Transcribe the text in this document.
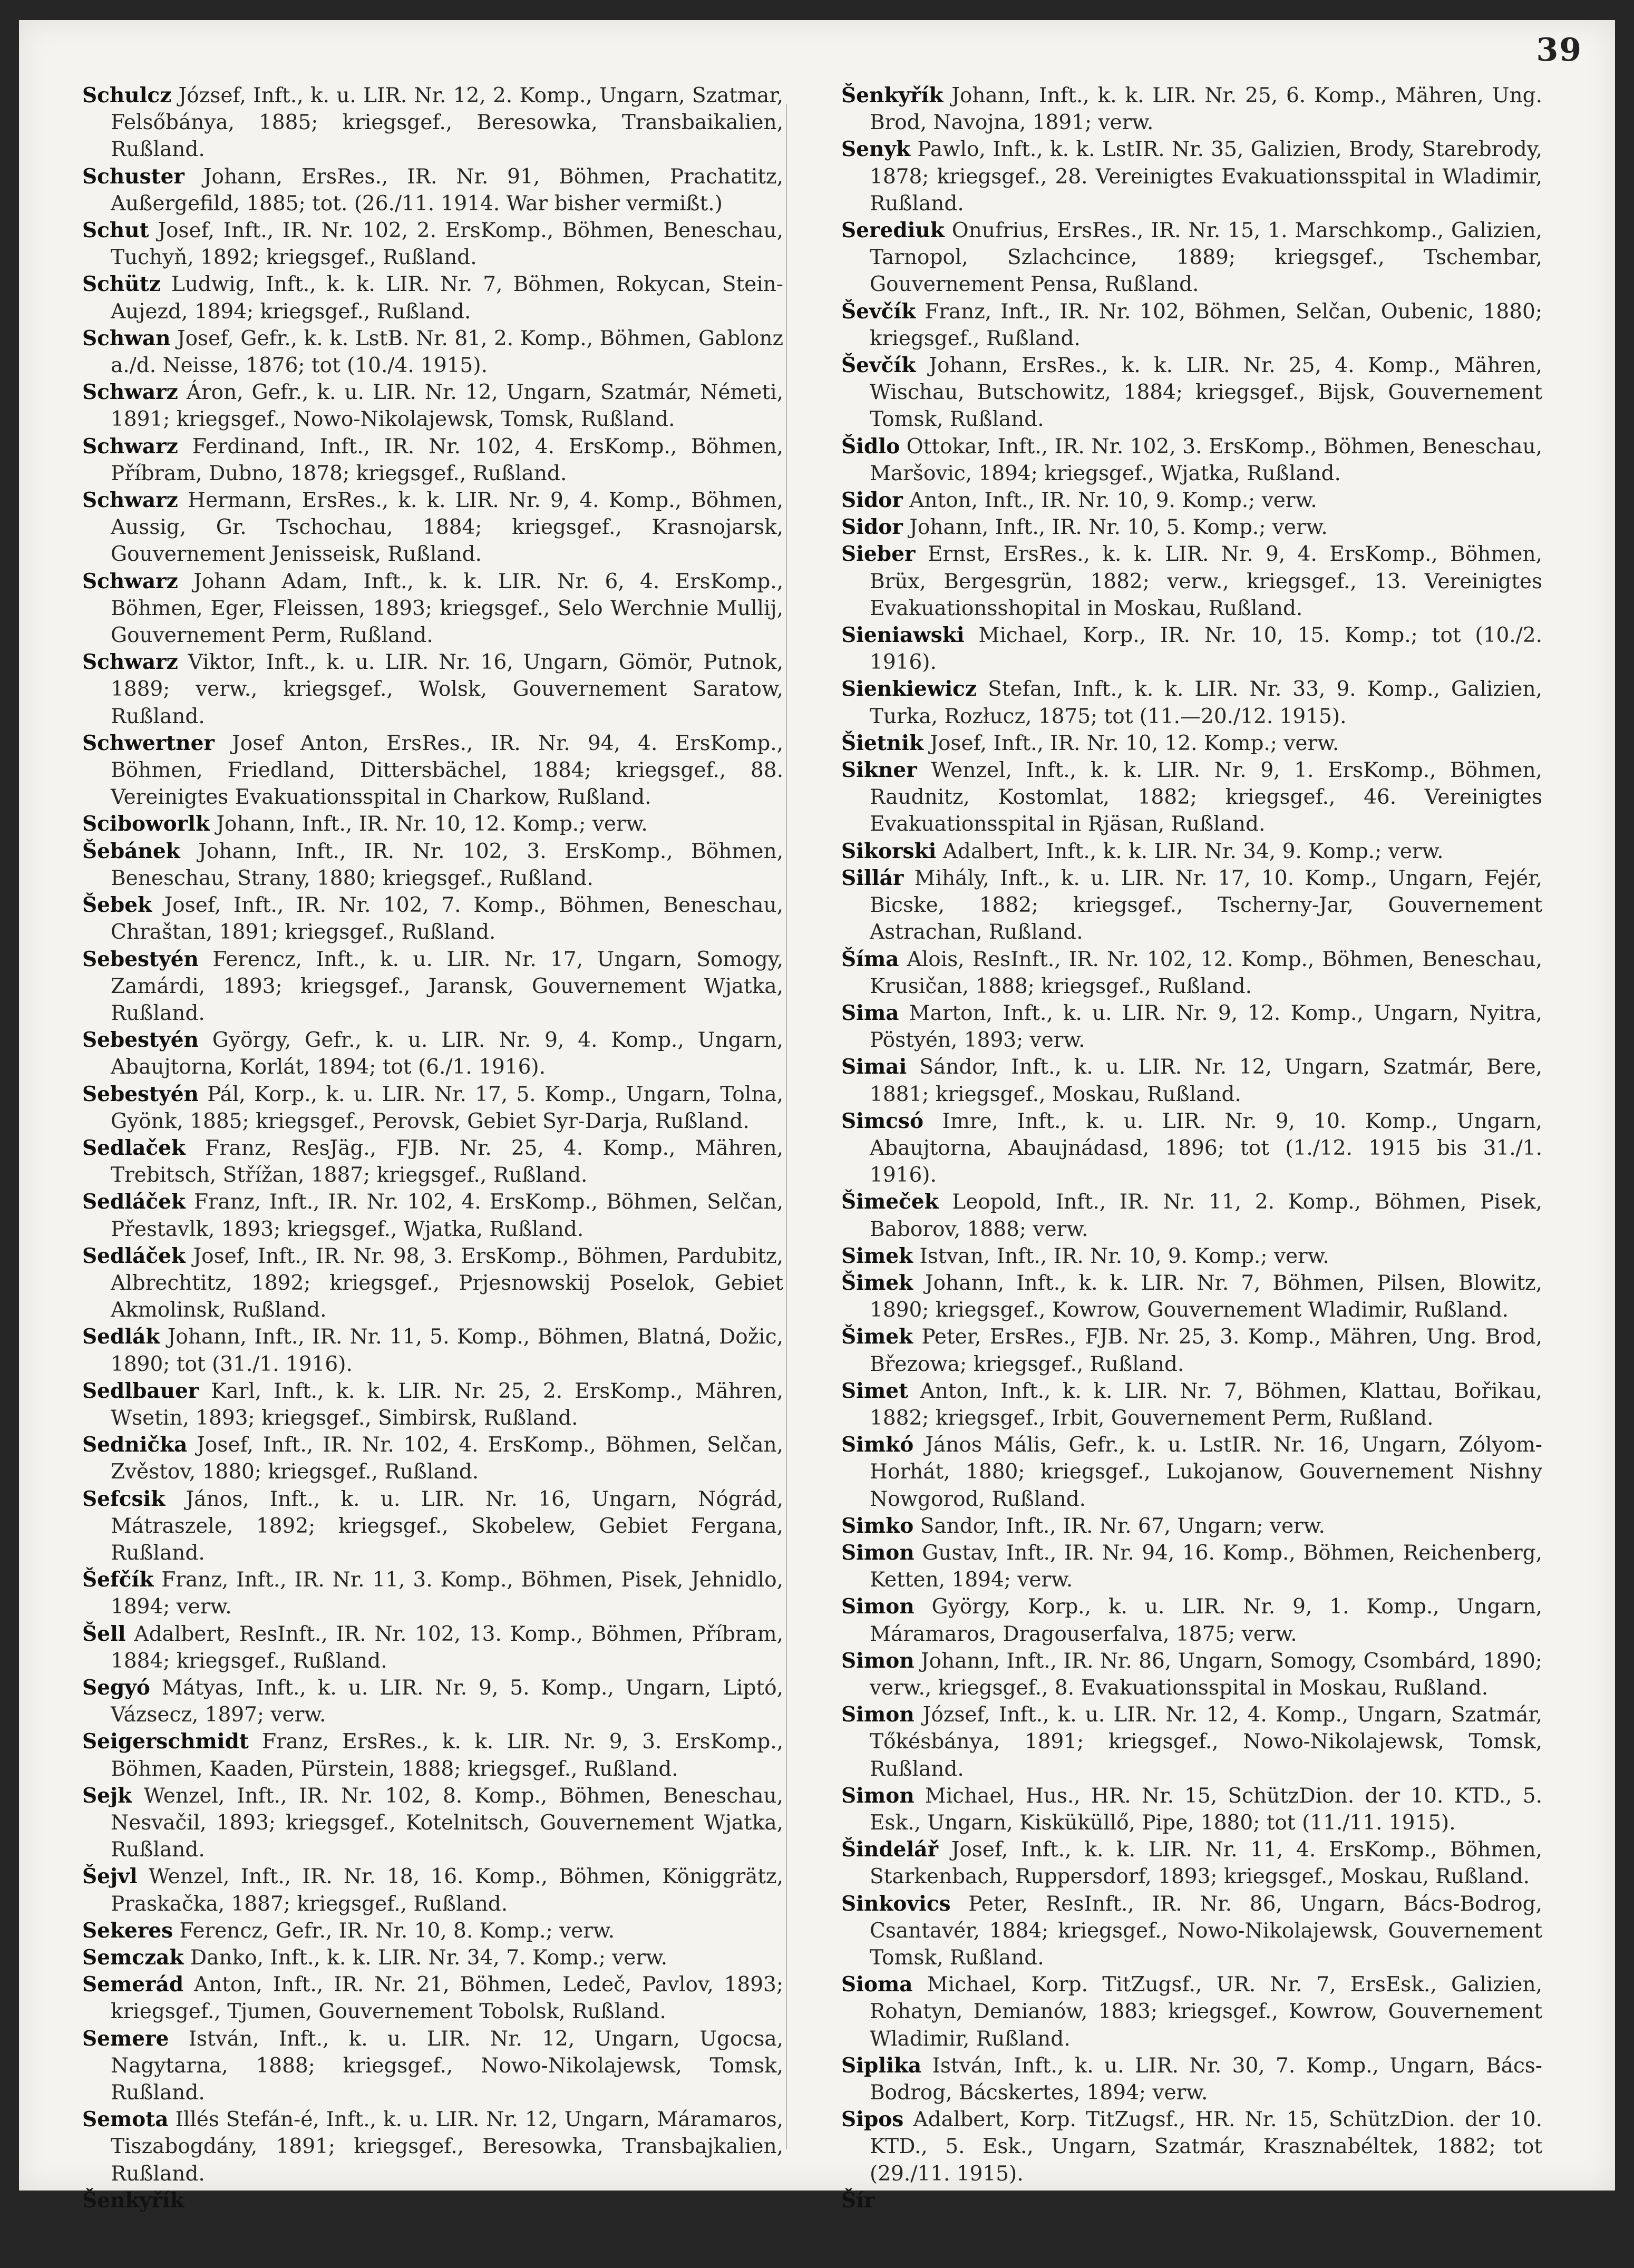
39

Schulcz József, Inft., k. u. LIR. Nr. 12, 2. Komp., Ungarn, Szatmar, Felsőbánya, 1885; kriegsgef., Beresowka, Transbaikalien, Rußland.

Schuster Johann, ErsRes., IR. Nr. 91, Böhmen, Prachatitz, Außergefild, 1885; tot. (26./11. 1914. War bisher vermißt.)

Schut Josef, Inft., IR. Nr. 102, 2. ErsKomp., Böhmen, Beneschau, Tuchyň, 1892; kriegsgef., Rußland.

Schütz Ludwig, Inft., k. k. LIR. Nr. 7, Böhmen, Rokycan, Stein-Aujezd, 1894; kriegsgef., Rußland.

Schwan Josef, Gefr., k. k. LstB. Nr. 81, 2. Komp., Böhmen, Gablonz a./d. Neisse, 1876; tot (10./4. 1915).

Schwarz Áron, Gefr., k. u. LIR. Nr. 12, Ungarn, Szatmár, Németi, 1891; kriegsgef., Nowo-Nikolajewsk, Tomsk, Rußland.

Schwarz Ferdinand, Inft., IR. Nr. 102, 4. ErsKomp., Böhmen, Příbram, Dubno, 1878; kriegsgef., Rußland.

Schwarz Hermann, ErsRes., k. k. LIR. Nr. 9, 4. Komp., Böhmen, Aussig, Gr. Tschochau, 1884; kriegsgef., Krasnojarsk, Gouvernement Jenisseisk, Rußland.

Schwarz Johann Adam, Inft., k. k. LIR. Nr. 6, 4. ErsKomp., Böhmen, Eger, Fleissen, 1893; kriegsgef., Selo Werchnie Mullij, Gouvernement Perm, Rußland.

Schwarz Viktor, Inft., k. u. LIR. Nr. 16, Ungarn, Gömör, Putnok, 1889; verw., kriegsgef., Wolsk, Gouvernement Saratow, Rußland.

Schwertner Josef Anton, ErsRes., IR. Nr. 94, 4. ErsKomp., Böhmen, Friedland, Dittersbächel, 1884; kriegsgef., 88. Vereinigtes Evakuationsspital in Charkow, Rußland.

Sciboworlk Johann, Inft., IR. Nr. 10, 12. Komp.; verw.

Šebánek Johann, Inft., IR. Nr. 102, 3. ErsKomp., Böhmen, Beneschau, Strany, 1880; kriegsgef., Rußland.

Šebek Josef, Inft., IR. Nr. 102, 7. Komp., Böhmen, Beneschau, Chraštan, 1891; kriegsgef., Rußland.

Sebestyén Ferencz, Inft., k. u. LIR. Nr. 17, Ungarn, Somogy, Zamárdi, 1893; kriegsgef., Jaransk, Gouvernement Wjatka, Rußland.

Sebestyén György, Gefr., k. u. LIR. Nr. 9, 4. Komp., Ungarn, Abaujtorna, Korlát, 1894; tot (6./1. 1916).

Sebestyén Pál, Korp., k. u. LIR. Nr. 17, 5. Komp., Ungarn, Tolna, Gyönk, 1885; kriegsgef., Perovsk, Gebiet Syr-Darja, Rußland.

Sedlaček Franz, ResJäg., FJB. Nr. 25, 4. Komp., Mähren, Trebitsch, Střížan, 1887; kriegsgef., Rußland.

Sedláček Franz, Inft., IR. Nr. 102, 4. ErsKomp., Böhmen, Selčan, Přestavlk, 1893; kriegsgef., Wjatka, Rußland.

Sedláček Josef, Inft., IR. Nr. 98, 3. ErsKomp., Böhmen, Pardubitz, Albrechtitz, 1892; kriegsgef., Prjesnowskij Poselok, Gebiet Akmolinsk, Rußland.

Sedlák Johann, Inft., IR. Nr. 11, 5. Komp., Böhmen, Blatná, Dožic, 1890; tot (31./1. 1916).

Sedlbauer Karl, Inft., k. k. LIR. Nr. 25, 2. ErsKomp., Mähren, Wsetin, 1893; kriegsgef., Simbirsk, Rußland.

Sednička Josef, Inft., IR. Nr. 102, 4. ErsKomp., Böhmen, Selčan, Zvěstov, 1880; kriegsgef., Rußland.

Sefcsik János, Inft., k. u. LIR. Nr. 16, Ungarn, Nógrád, Mátraszele, 1892; kriegsgef., Skobelew, Gebiet Fergana, Rußland.

Šefčík Franz, Inft., IR. Nr. 11, 3. Komp., Böhmen, Pisek, Jehnidlo, 1894; verw.

Šell Adalbert, ResInft., IR. Nr. 102, 13. Komp., Böhmen, Příbram, 1884; kriegsgef., Rußland.

Segyó Mátyas, Inft., k. u. LIR. Nr. 9, 5. Komp., Ungarn, Liptó, Vázsecz, 1897; verw.

Seigerschmidt Franz, ErsRes., k. k. LIR. Nr. 9, 3. ErsKomp., Böhmen, Kaaden, Pürstein, 1888; kriegsgef., Rußland.

Sejk Wenzel, Inft., IR. Nr. 102, 8. Komp., Böhmen, Beneschau, Nesvačil, 1893; kriegsgef., Kotelnitsch, Gouvernement Wjatka, Rußland.

Šejvl Wenzel, Inft., IR. Nr. 18, 16. Komp., Böhmen, Königgrätz, Praskačka, 1887; kriegsgef., Rußland.

Sekeres Ferencz, Gefr., IR. Nr. 10, 8. Komp.; verw.

Semczak Danko, Inft., k. k. LIR. Nr. 34, 7. Komp.; verw.

Semerád Anton, Inft., IR. Nr. 21, Böhmen, Ledeč, Pavlov, 1893; kriegsgef., Tjumen, Gouvernement Tobolsk, Rußland.

Semere István, Inft., k. u. LIR. Nr. 12, Ungarn, Ugocsa, Nagytarna, 1888; kriegsgef., Nowo-Nikolajewsk, Tomsk, Rußland.

Semota Illés Stefán-é, Inft., k. u. LIR. Nr. 12, Ungarn, Máramaros, Tiszabogdány, 1891; kriegsgef., Beresowka, Transbajkalien, Rußland.

Šenkyřík Franz, Inft., k. k. LIR. Nr. 25, 6. Komp., Mähren, Ung. Hradisch, Luk, 1881; kriegsgef., Barnaul, Gouvernement Tomsk, Rußland.

Šenkyřík Johann, Inft., k. k. LIR. Nr. 25, 6. Komp., Mähren, Ung. Brod, Navojna, 1891; verw.

Senyk Pawlo, Inft., k. k. LstIR. Nr. 35, Galizien, Brody, Starebrody, 1878; kriegsgef., 28. Vereinigtes Evakuationsspital in Wladimir, Rußland.

Serediuk Onufrius, ErsRes., IR. Nr. 15, 1. Marschkomp., Galizien, Tarnopol, Szlachcince, 1889; kriegsgef., Tschembar, Gouvernement Pensa, Rußland.

Ševčík Franz, Inft., IR. Nr. 102, Böhmen, Selčan, Oubenic, 1880; kriegsgef., Rußland.

Ševčík Johann, ErsRes., k. k. LIR. Nr. 25, 4. Komp., Mähren, Wischau, Butschowitz, 1884; kriegsgef., Bijsk, Gouvernement Tomsk, Rußland.

Šidlo Ottokar, Inft., IR. Nr. 102, 3. ErsKomp., Böhmen, Beneschau, Maršovic, 1894; kriegsgef., Wjatka, Rußland.

Sidor Anton, Inft., IR. Nr. 10, 9. Komp.; verw.

Sidor Johann, Inft., IR. Nr. 10, 5. Komp.; verw.

Sieber Ernst, ErsRes., k. k. LIR. Nr. 9, 4. ErsKomp., Böhmen, Brüx, Bergesgrün, 1882; verw., kriegsgef., 13. Vereinigtes Evakuationsshopital in Moskau, Rußland.

Sieniawski Michael, Korp., IR. Nr. 10, 15. Komp.; tot (10./2. 1916).

Sienkiewicz Stefan, Inft., k. k. LIR. Nr. 33, 9. Komp., Galizien, Turka, Rozłucz, 1875; tot (11.—20./12. 1915).

Šietnik Josef, Inft., IR. Nr. 10, 12. Komp.; verw.

Sikner Wenzel, Inft., k. k. LIR. Nr. 9, 1. ErsKomp., Böhmen, Raudnitz, Kostomlat, 1882; kriegsgef., 46. Vereinigtes Evakuationsspital in Rjäsan, Rußland.

Sikorski Adalbert, Inft., k. k. LIR. Nr. 34, 9. Komp.; verw.

Sillár Mihály, Inft., k. u. LIR. Nr. 17, 10. Komp., Ungarn, Fejér, Bicske, 1882; kriegsgef., Tscherny-Jar, Gouvernement Astrachan, Rußland.

Šíma Alois, ResInft., IR. Nr. 102, 12. Komp., Böhmen, Beneschau, Krusičan, 1888; kriegsgef., Rußland.

Sima Marton, Inft., k. u. LIR. Nr. 9, 12. Komp., Ungarn, Nyitra, Pöstyén, 1893; verw.

Simai Sándor, Inft., k. u. LIR. Nr. 12, Ungarn, Szatmár, Bere, 1881; kriegsgef., Moskau, Rußland.

Simcsó Imre, Inft., k. u. LIR. Nr. 9, 10. Komp., Ungarn, Abaujtorna, Abaujnádasd, 1896; tot (1./12. 1915 bis 31./1. 1916).

Šimeček Leopold, Inft., IR. Nr. 11, 2. Komp., Böhmen, Pisek, Baborov, 1888; verw.

Simek Istvan, Inft., IR. Nr. 10, 9. Komp.; verw.

Šimek Johann, Inft., k. k. LIR. Nr. 7, Böhmen, Pilsen, Blowitz, 1890; kriegsgef., Kowrow, Gouvernement Wladimir, Rußland.

Šimek Peter, ErsRes., FJB. Nr. 25, 3. Komp., Mähren, Ung. Brod, Březowa; kriegsgef., Rußland.

Simet Anton, Inft., k. k. LIR. Nr. 7, Böhmen, Klattau, Bořikau, 1882; kriegsgef., Irbit, Gouvernement Perm, Rußland.

Simkó János Mális, Gefr., k. u. LstIR. Nr. 16, Ungarn, Zólyom-Horhát, 1880; kriegsgef., Lukojanow, Gouvernement Nishny Nowgorod, Rußland.

Simko Sandor, Inft., IR. Nr. 67, Ungarn; verw.

Simon Gustav, Inft., IR. Nr. 94, 16. Komp., Böhmen, Reichenberg, Ketten, 1894; verw.

Simon György, Korp., k. u. LIR. Nr. 9, 1. Komp., Ungarn, Máramaros, Dragouserfalva, 1875; verw.

Simon Johann, Inft., IR. Nr. 86, Ungarn, Somogy, Csombárd, 1890; verw., kriegsgef., 8. Evakuationsspital in Moskau, Rußland.

Simon József, Inft., k. u. LIR. Nr. 12, 4. Komp., Ungarn, Szatmár, Tőkésbánya, 1891; kriegsgef., Nowo-Nikolajewsk, Tomsk, Rußland.

Simon Michael, Hus., HR. Nr. 15, SchützDion. der 10. KTD., 5. Esk., Ungarn, Kisküküllő, Pipe, 1880; tot (11./11. 1915).

Šindelář Josef, Inft., k. k. LIR. Nr. 11, 4. ErsKomp., Böhmen, Starkenbach, Ruppersdorf, 1893; kriegsgef., Moskau, Rußland.

Sinkovics Peter, ResInft., IR. Nr. 86, Ungarn, Bács-Bodrog, Csantavér, 1884; kriegsgef., Nowo-Nikolajewsk, Gouvernement Tomsk, Rußland.

Sioma Michael, Korp. TitZugsf., UR. Nr. 7, ErsEsk., Galizien, Rohatyn, Demianów, 1883; kriegsgef., Kowrow, Gouvernement Wladimir, Rußland.

Siplika István, Inft., k. u. LIR. Nr. 30, 7. Komp., Ungarn, Bács-Bodrog, Bácskertes, 1894; verw.

Sipos Adalbert, Korp. TitZugsf., HR. Nr. 15, SchützDion. der 10. KTD., 5. Esk., Ungarn, Szatmár, Krasznabéltek, 1882; tot (29./11. 1915).

Šír Wenzel, Inft., IR. Nr. 102, 3. ErsKomp., Böhmen, Selčan, Amschelberg, 1895; kriegsgef., Rußland.
